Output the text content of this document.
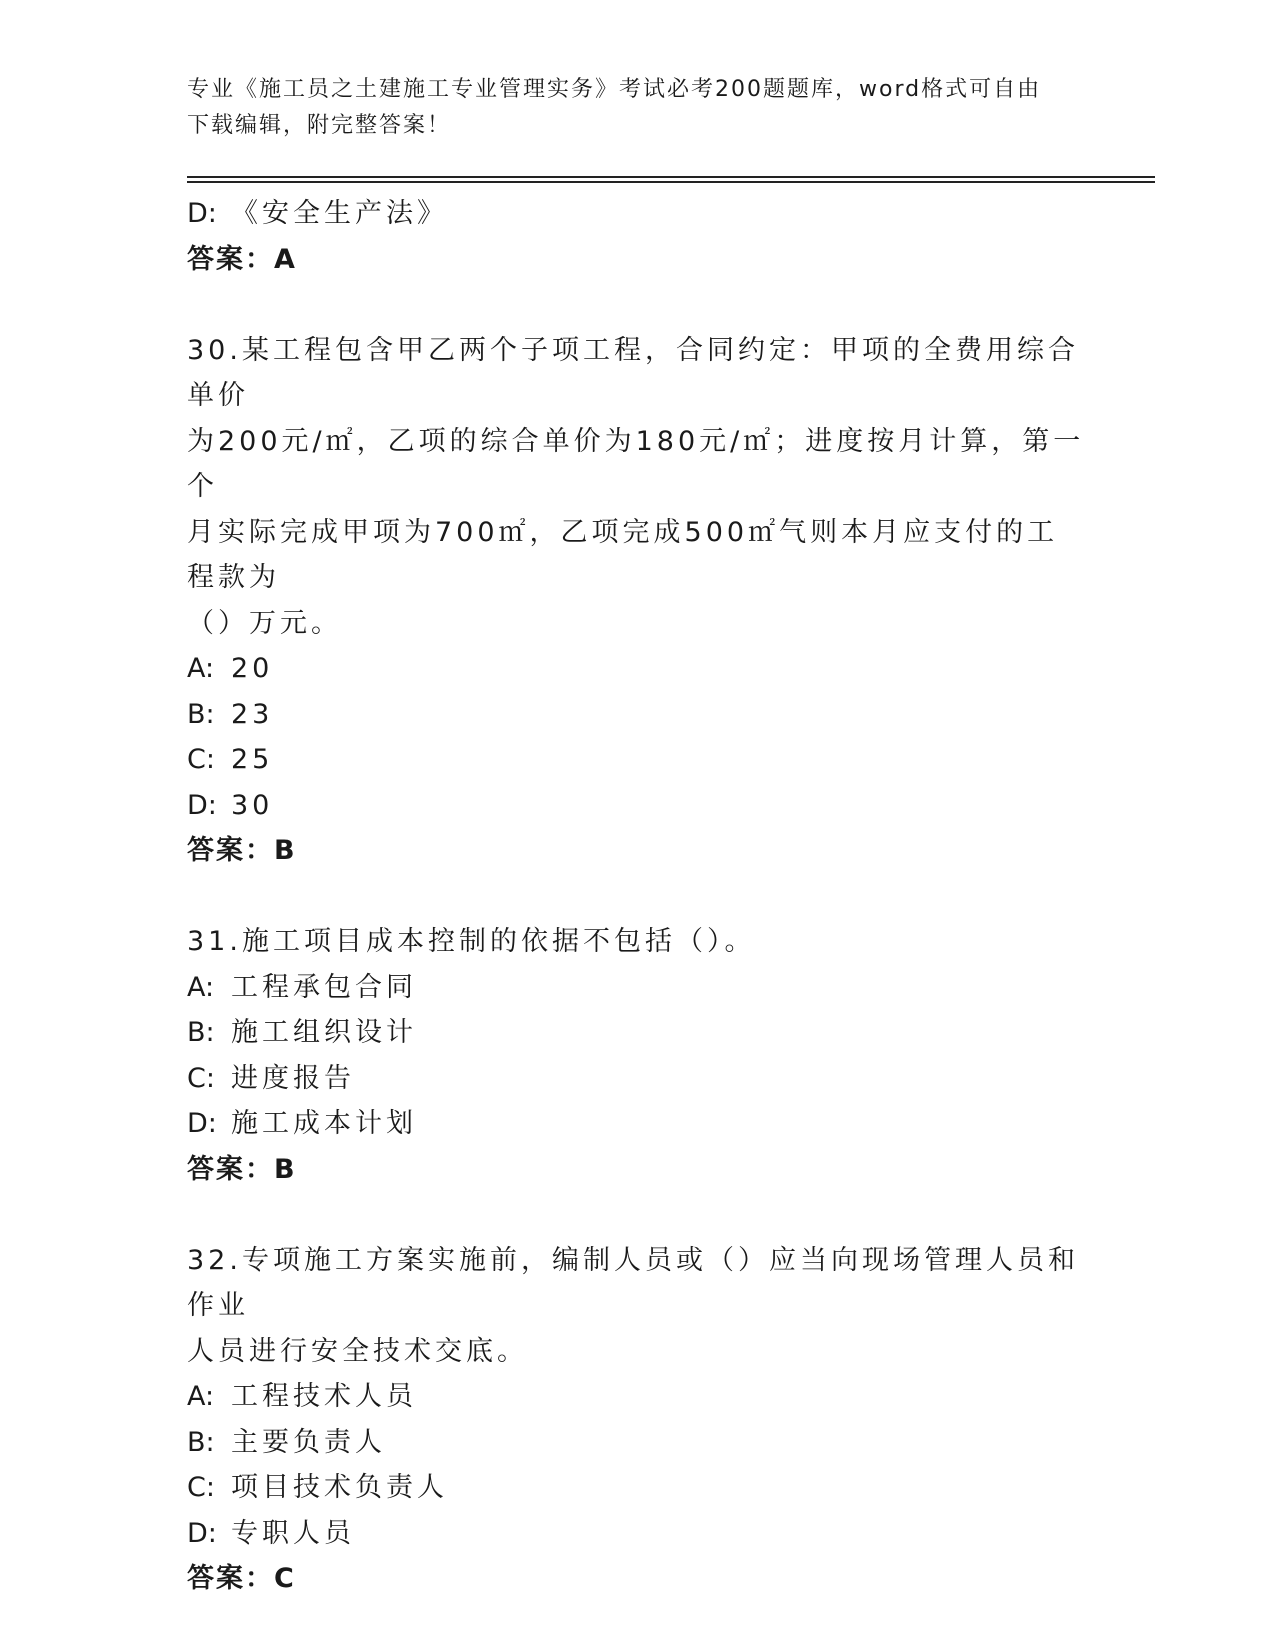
专业《施工员之土建施工专业管理实务》考试必考200题题库，word格式可自由
下载编辑，附完整答案！
D: 《安全生产法》
答案：A
30.某工程包含甲乙两个子项工程，合同约定：甲项的全费用综合单价
为200元/㎡，乙项的综合单价为180元/㎡；进度按月计算，第一个
月实际完成甲项为700㎡，乙项完成500㎡气则本月应支付的工程款为
（）万元。
A: 20
B: 23
C: 25
D: 30
答案：B
31.施工项目成本控制的依据不包括（）。
A: 工程承包合同
B: 施工组织设计
C: 进度报告
D: 施工成本计划
答案：B
32.专项施工方案实施前，编制人员或（）应当向现场管理人员和作业
人员进行安全技术交底。
A: 工程技术人员
B: 主要负责人
C: 项目技术负责人
D: 专职人员
答案：C
